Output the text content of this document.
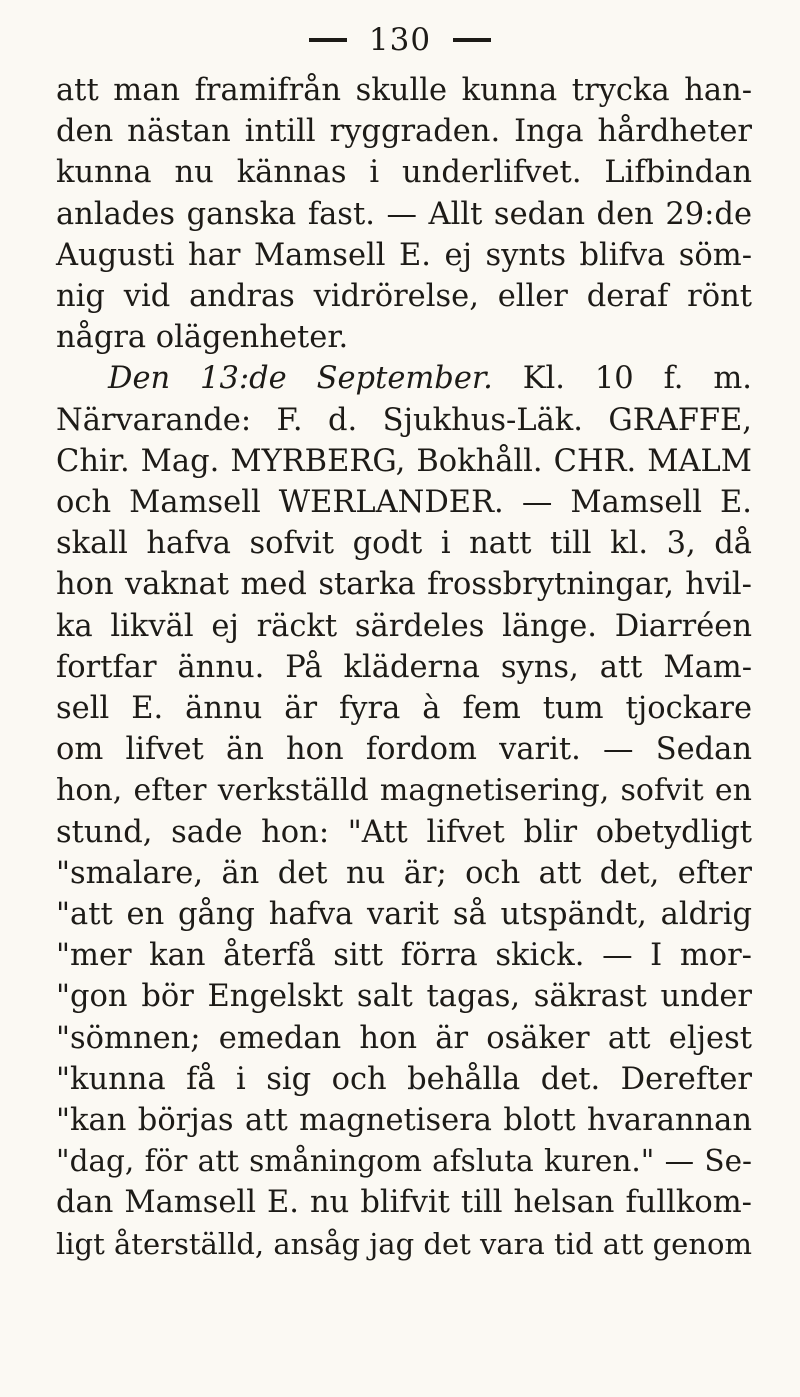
130
att man framifrån skulle kunna trycka han-
den nästan intill ryggraden. Inga hårdheter
kunna nu kännas i underlifvet. Lifbindan
anlades ganska fast. — Allt sedan den 29:de
Augusti har Mamsell E. ej synts blifva söm-
nig vid andras vidrörelse, eller deraf rönt
några olägenheter.
Den 13:de September. Kl. 10 f. m.
Närvarande: F. d. Sjukhus-Läk. GRAFFE,
Chir. Mag. MYRBERG, Bokhåll. CHR. MALM
och Mamsell WERLANDER. — Mamsell E.
skall hafva sofvit godt i natt till kl. 3, då
hon vaknat med starka frossbrytningar, hvil-
ka likväl ej räckt särdeles länge. Diarréen
fortfar ännu. På kläderna syns, att Mam-
sell E. ännu är fyra à fem tum tjockare
om lifvet än hon fordom varit. — Sedan
hon, efter verkställd magnetisering, sofvit en
stund, sade hon: "Att lifvet blir obetydligt
"smalare, än det nu är; och att det, efter
"att en gång hafva varit så utspändt, aldrig
"mer kan återfå sitt förra skick. — I mor-
"gon bör Engelskt salt tagas, säkrast under
"sömnen; emedan hon är osäker att eljest
"kunna få i sig och behålla det. Derefter
"kan börjas att magnetisera blott hvarannan
"dag, för att småningom afsluta kuren." — Se-
dan Mamsell E. nu blifvit till helsan fullkom-
ligt återställd, ansåg jag det vara tid att genom
